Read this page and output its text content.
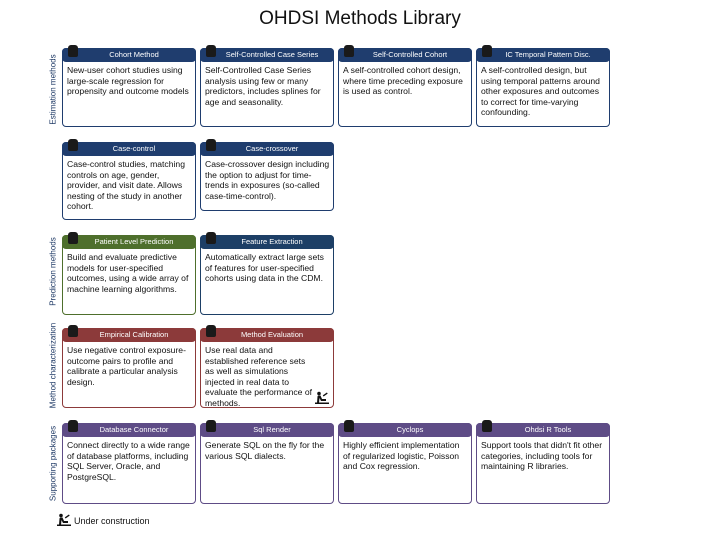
OHDSI Methods Library
Estimation methods
Prediction methods
Method characterization
Supporting packages
Cohort Method
New-user cohort studies using large-scale regression for propensity and outcome models
Self-Controlled Case Series
Self-Controlled Case Series analysis using few or many predictors, includes splines for age and seasonality.
Self-Controlled Cohort
A self-controlled cohort design, where time preceding exposure is used as control.
IC Temporal Pattern Disc.
A self-controlled design, but using temporal patterns around other exposures and outcomes to correct for time-varying confounding.
Case-control
Case-control studies, matching controls on age, gender, provider, and visit date. Allows nesting of the study in another cohort.
Case-crossover
Case-crossover design including the option to adjust for time-trends in exposures (so-called case-time-control).
Patient Level Prediction
Build and evaluate predictive models for user-specified outcomes, using a wide array of machine learning algorithms.
Feature Extraction
Automatically extract large sets of features for user-specified cohorts using data in the CDM.
Empirical Calibration
Use negative control exposure-outcome pairs to profile and calibrate a particular analysis design.
Method Evaluation
Use real data and established reference sets as well as simulations injected in real data to evaluate the performance of methods.
Database Connector
Connect directly to a wide range of database platforms, including SQL Server, Oracle, and PostgreSQL.
Sql Render
Generate SQL on the fly for the various SQL dialects.
Cyclops
Highly efficient implementation of regularized logistic, Poisson and Cox regression.
Ohdsi R Tools
Support tools that didn't fit other categories, including tools for maintaining R libraries.
Under construction
